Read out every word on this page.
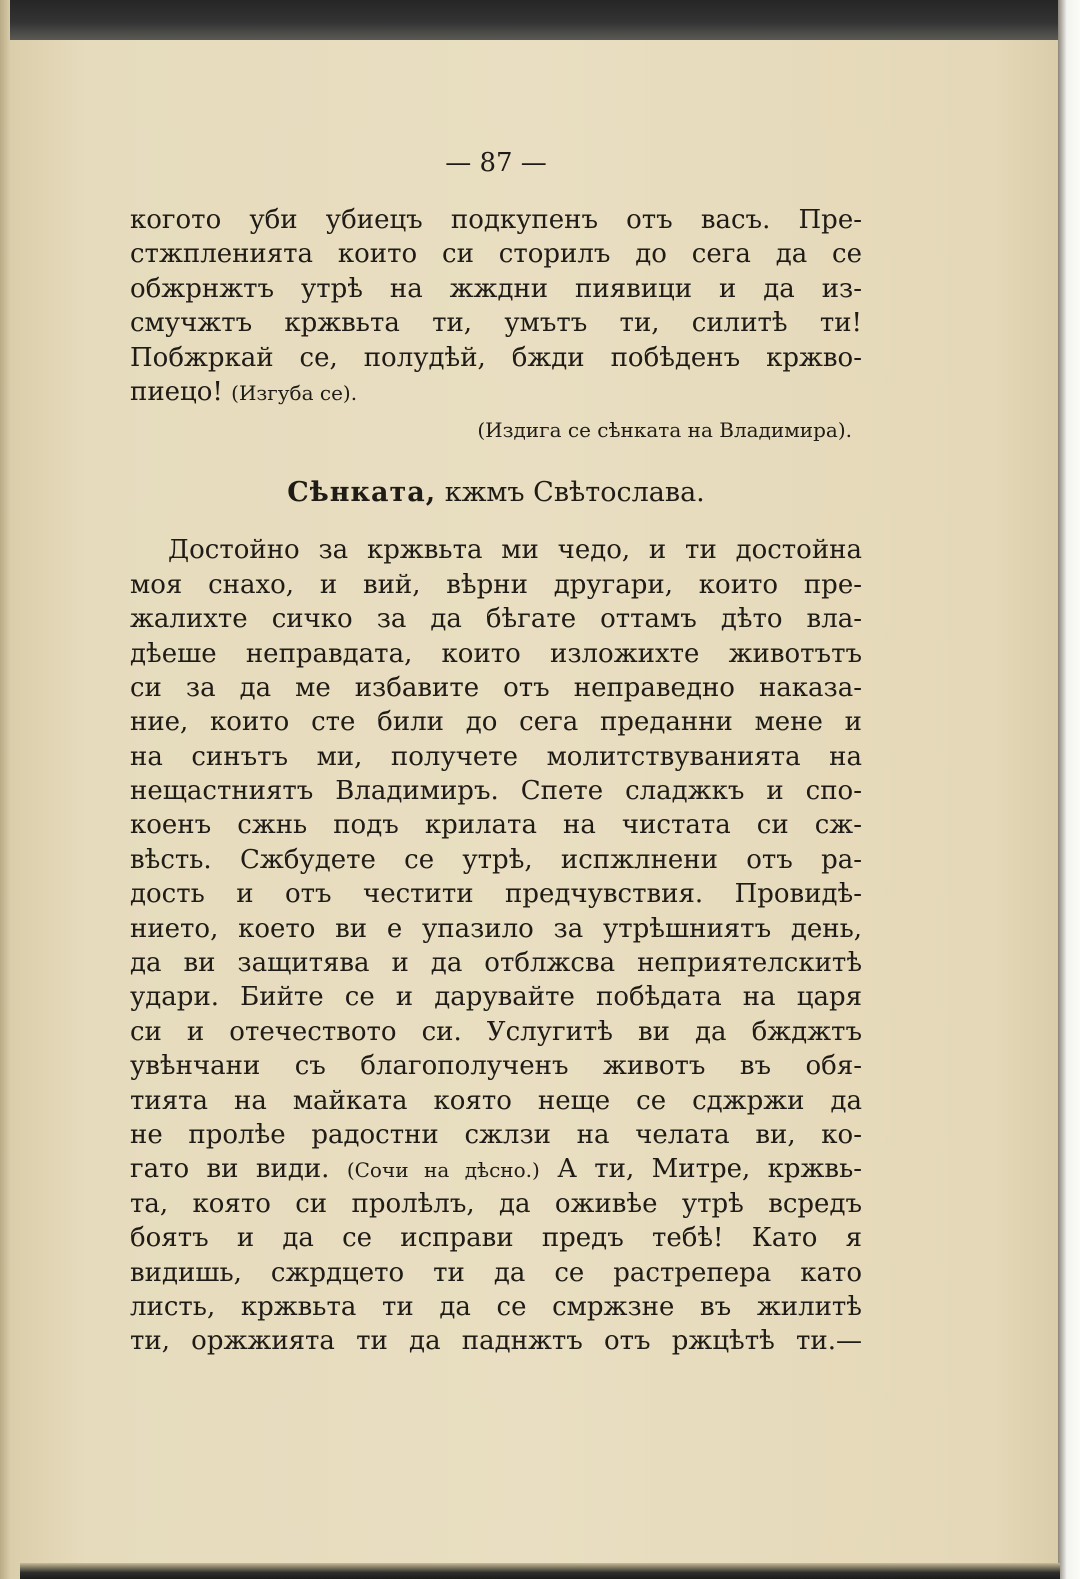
— 87 —
когото уби убиецъ подкупенъ отъ васъ. Пре-
стжпленията които си сторилъ до сега да се
обжрнжтъ утрѣ на жждни пиявици и да из-
смучжтъ кржвьта ти, умътъ ти, силитѣ ти!
Побжркай се, полудѣй, бжди побѣденъ кржво-
пиецо! (Изгуба се).
(Издига се сѣнката на Владимира).
Сѣнката, кжмъ Свѣтослава.
Достойно за кржвьта ми чедо, и ти достойна
моя снахо, и вий, вѣрни другари, които пре-
жалихте сичко за да бѣгате оттамъ дѣто вла-
дѣеше неправдата, които изложихте животътъ
си за да ме избавите отъ неправедно наказа-
ние, които сте били до сега преданни мене и
на синътъ ми, получете молитствуванията на
нещастниятъ Владимиръ. Спете сладжкъ и спо-
коенъ сжнь подъ крилата на чистата си сж-
вѣсть. Сжбудете се утрѣ, испжлнени отъ ра-
дость и отъ честити предчувствия. Провидѣ-
нието, което ви е упазило за утрѣшниятъ день,
да ви защитява и да отблжсва неприятелскитѣ
удари. Бийте се и дарувайте побѣдата на царя
си и отечеството си. Услугитѣ ви да бжджтъ
увѣнчани съ благополученъ животъ въ обя-
тията на майката която неще се сджржи да
не пролѣе радостни сжлзи на челата ви, ко-
гато ви види. (Сочи на дѣсно.) А ти, Митре, кржвь-
та, която си пролѣлъ, да оживѣе утрѣ всредъ
боятъ и да се исправи предъ тебѣ! Като я
видишь, сжрдцето ти да се растрепера като
листь, кржвьта ти да се смржзне въ жилитѣ
ти, оржжията ти да паднжтъ отъ ржцѣтѣ ти.—
